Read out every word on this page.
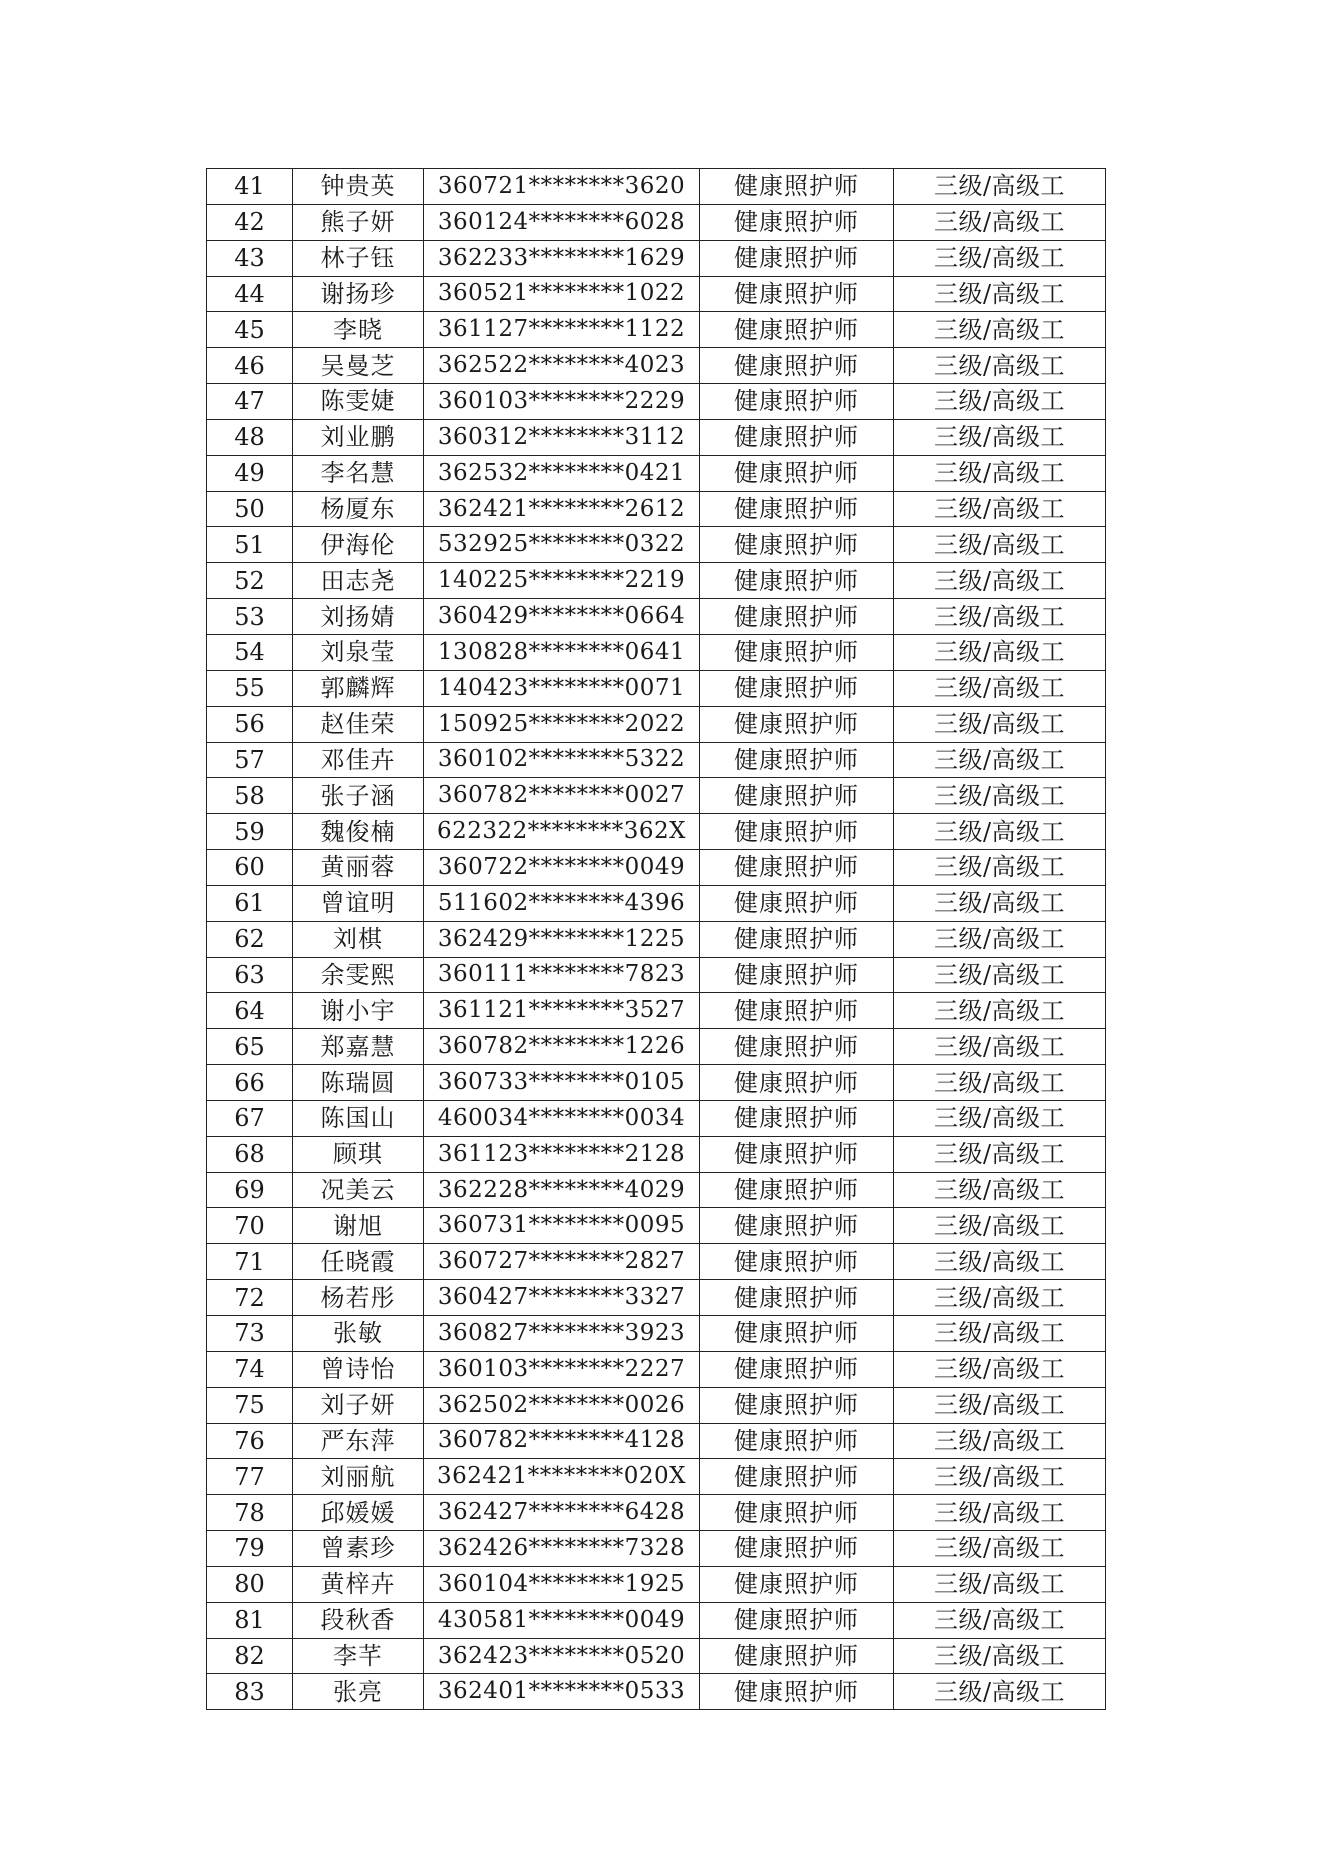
41	钟贵英	360721********3620	健康照护师	三级/高级工
42	熊子妍	360124********6028	健康照护师	三级/高级工
43	林子钰	362233********1629	健康照护师	三级/高级工
44	谢扬珍	360521********1022	健康照护师	三级/高级工
45	李晓	361127********1122	健康照护师	三级/高级工
46	吴曼芝	362522********4023	健康照护师	三级/高级工
47	陈雯婕	360103********2229	健康照护师	三级/高级工
48	刘业鹏	360312********3112	健康照护师	三级/高级工
49	李名慧	362532********0421	健康照护师	三级/高级工
50	杨厦东	362421********2612	健康照护师	三级/高级工
51	伊海伦	532925********0322	健康照护师	三级/高级工
52	田志尧	140225********2219	健康照护师	三级/高级工
53	刘扬婧	360429********0664	健康照护师	三级/高级工
54	刘泉莹	130828********0641	健康照护师	三级/高级工
55	郭麟辉	140423********0071	健康照护师	三级/高级工
56	赵佳荣	150925********2022	健康照护师	三级/高级工
57	邓佳卉	360102********5322	健康照护师	三级/高级工
58	张子涵	360782********0027	健康照护师	三级/高级工
59	魏俊楠	622322********362X	健康照护师	三级/高级工
60	黄丽蓉	360722********0049	健康照护师	三级/高级工
61	曾谊明	511602********4396	健康照护师	三级/高级工
62	刘棋	362429********1225	健康照护师	三级/高级工
63	余雯熙	360111********7823	健康照护师	三级/高级工
64	谢小宇	361121********3527	健康照护师	三级/高级工
65	郑嘉慧	360782********1226	健康照护师	三级/高级工
66	陈瑞圆	360733********0105	健康照护师	三级/高级工
67	陈国山	460034********0034	健康照护师	三级/高级工
68	顾琪	361123********2128	健康照护师	三级/高级工
69	况美云	362228********4029	健康照护师	三级/高级工
70	谢旭	360731********0095	健康照护师	三级/高级工
71	任晓霞	360727********2827	健康照护师	三级/高级工
72	杨若彤	360427********3327	健康照护师	三级/高级工
73	张敏	360827********3923	健康照护师	三级/高级工
74	曾诗怡	360103********2227	健康照护师	三级/高级工
75	刘子妍	362502********0026	健康照护师	三级/高级工
76	严东萍	360782********4128	健康照护师	三级/高级工
77	刘丽航	362421********020X	健康照护师	三级/高级工
78	邱媛媛	362427********6428	健康照护师	三级/高级工
79	曾素珍	362426********7328	健康照护师	三级/高级工
80	黄梓卉	360104********1925	健康照护师	三级/高级工
81	段秋香	430581********0049	健康照护师	三级/高级工
82	李芊	362423********0520	健康照护师	三级/高级工
83	张亮	362401********0533	健康照护师	三级/高级工
